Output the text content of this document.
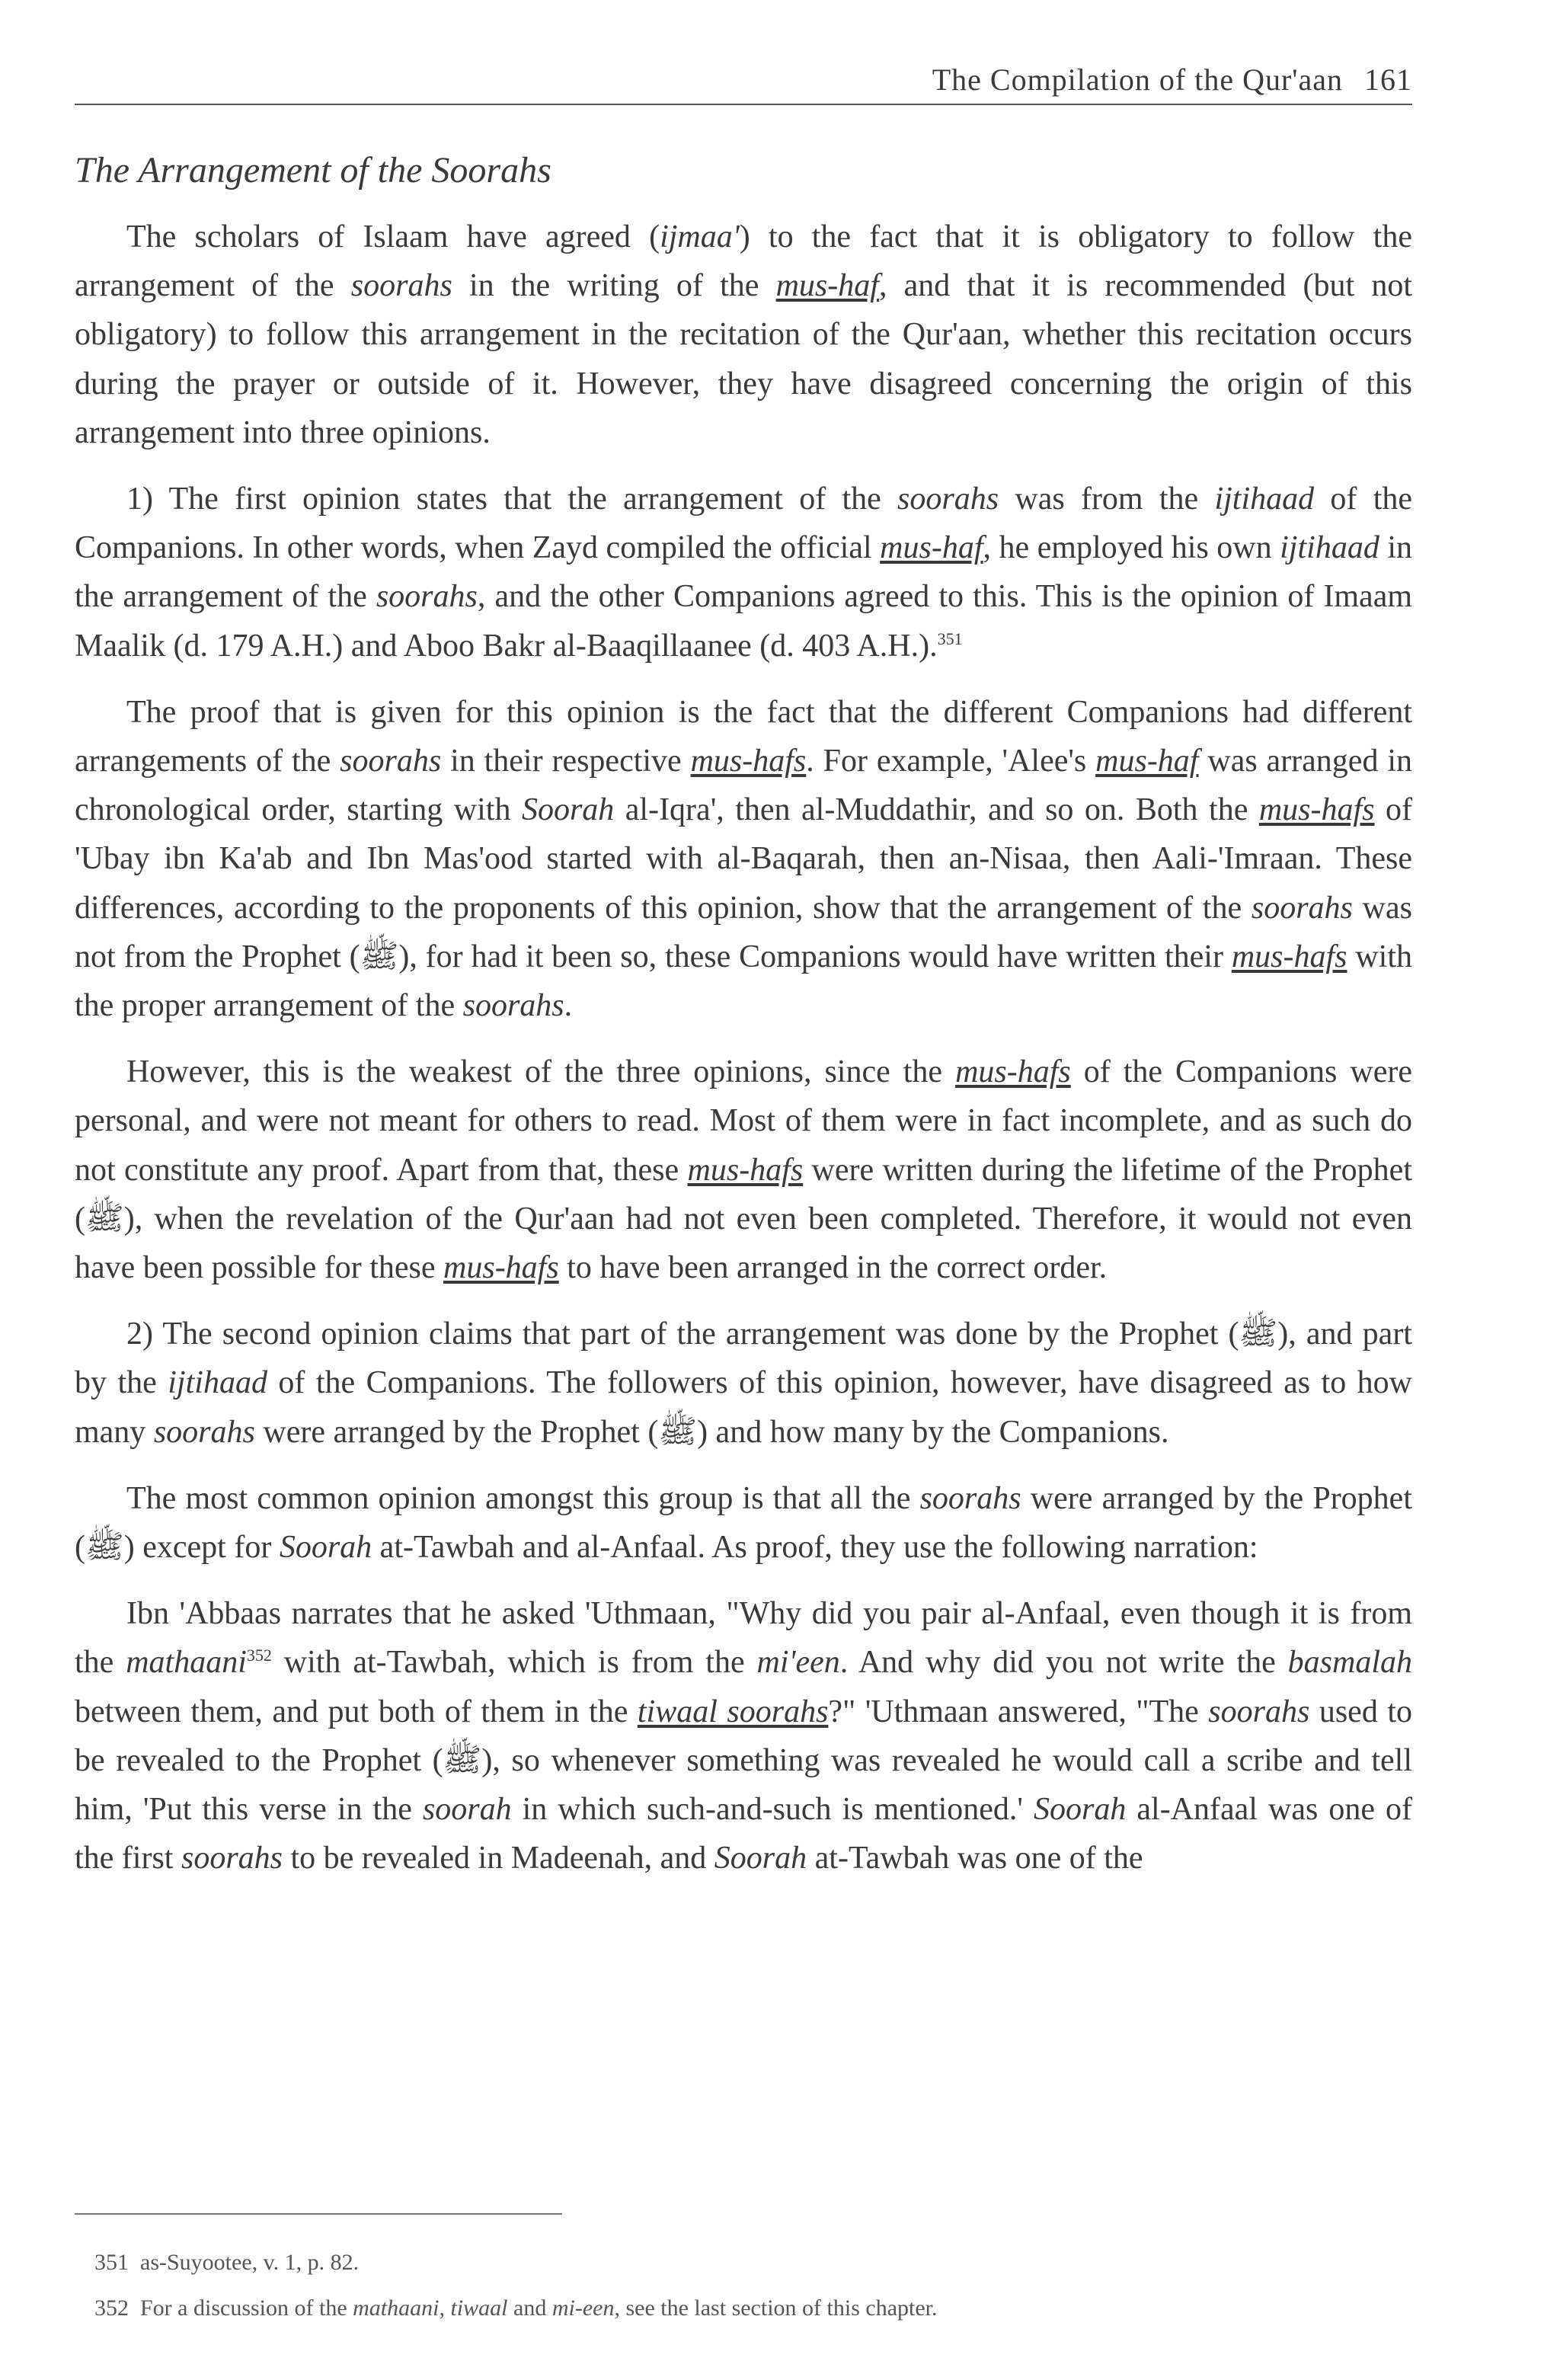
The Compilation of the Qur'aan 161
The Arrangement of the Soorahs

The scholars of Islaam have agreed (ijmaa') to the fact that it is obligatory to follow the arrangement of the soorahs in the writing of the mus-haf, and that it is recommended (but not obligatory) to follow this arrangement in the recitation of the Qur'aan, whether this recitation occurs during the prayer or outside of it. However, they have disagreed concerning the origin of this arrangement into three opinions.

1) The first opinion states that the arrangement of the soorahs was from the ijtihaad of the Companions. In other words, when Zayd compiled the official mus-haf, he employed his own ijtihaad in the arrangement of the soorahs, and the other Companions agreed to this. This is the opinion of Imaam Maalik (d. 179 A.H.) and Aboo Bakr al-Baaqillaanee (d. 403 A.H.).$^{351}$

The proof that is given for this opinion is the fact that the different Companions had different arrangements of the soorahs in their respective mus-hafs. For example, 'Alee's mus-haf was arranged in chronological order, starting with Soorah al-Iqra', then al-Muddathir, and so on. Both the mus-hafs of 'Ubay ibn Ka'ab and Ibn Mas'ood started with al-Baqarah, then an-Nisaa, then Aali-'Imraan. These differences, according to the proponents of this opinion, show that the arrangement of the soorahs was not from the Prophet (ﷺ), for had it been so, these Companions would have written their mus-hafs with the proper arrangement of the soorahs.

However, this is the weakest of the three opinions, since the mus-hafs of the Companions were personal, and were not meant for others to read. Most of them were in fact incomplete, and as such do not constitute any proof. Apart from that, these mus-hafs were written during the lifetime of the Prophet (ﷺ), when the revelation of the Qur'aan had not even been completed. Therefore, it would not even have been possible for these mus-hafs to have been arranged in the correct order.

2) The second opinion claims that part of the arrangement was done by the Prophet (ﷺ), and part by the ijtihaad of the Companions. The followers of this opinion, however, have disagreed as to how many soorahs were arranged by the Prophet (ﷺ) and how many by the Companions.

The most common opinion amongst this group is that all the soorahs were arranged by the Prophet (ﷺ) except for Soorah at-Tawbah and al-Anfaal. As proof, they use the following narration:

Ibn 'Abbaas narrates that he asked 'Uthmaan, "Why did you pair al-Anfaal, even though it is from the mathaani$^{352}$ with at-Tawbah, which is from the mi'een. And why did you not write the basmalah between them, and put both of them in the tiwaal soorahs?" 'Uthmaan answered, "The soorahs used to be revealed to the Prophet (ﷺ), so whenever something was revealed he would call a scribe and tell him, 'Put this verse in the soorah in which such-and-such is mentioned.' Soorah al-Anfaal was one of the first soorahs to be revealed in Madeenah, and Soorah at-Tawbah was one of the

351 as-Suyootee, v. 1, p. 82.
352 For a discussion of the mathaani, tiwaal and mi-een, see the last section of this chapter.
